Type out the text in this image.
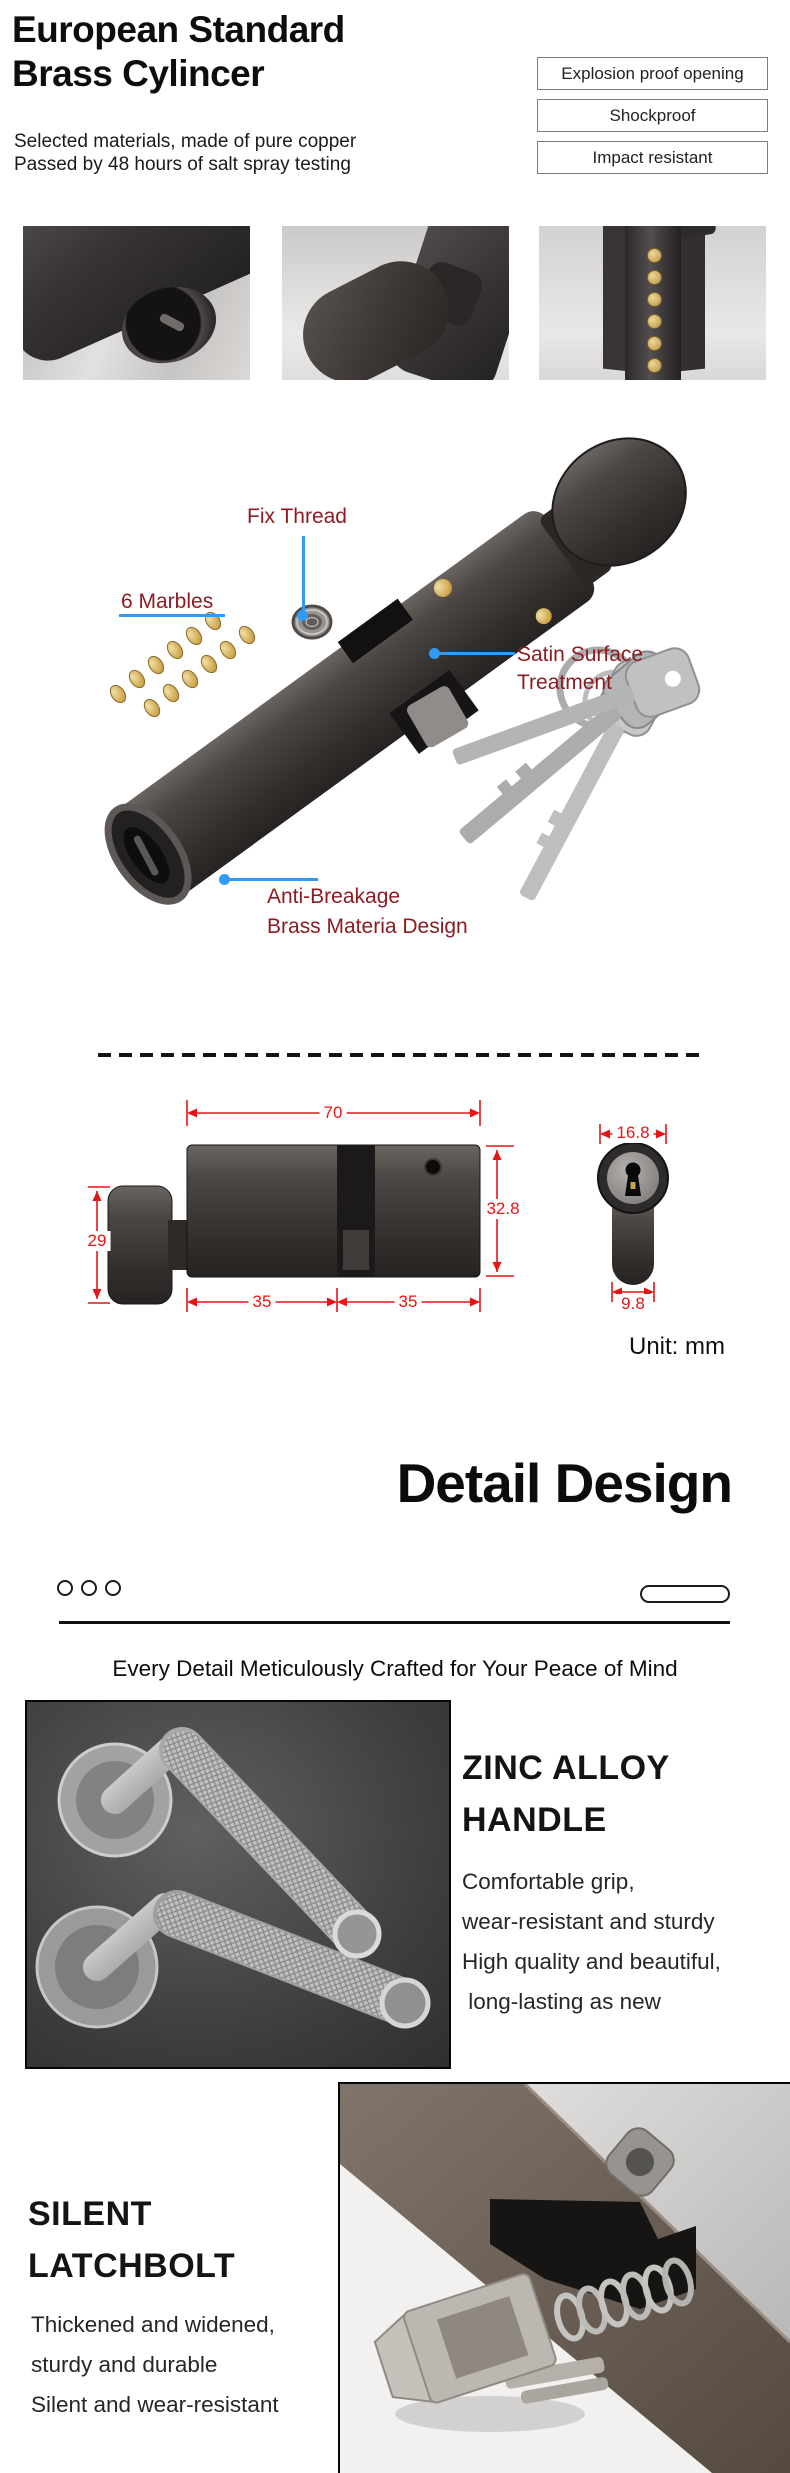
European Standard
Brass Cylincer
Selected materials, made of pure copper
Passed by 48 hours of salt spray testing
Explosion proof opening
Shockproof
Impact resistant
Fix Thread
6 Marbles
Satin Surface
Treatment
Anti-Breakage
Brass Materia Design
70
32.8
29
35	35
16.8
9.8
Unit: mm
Detail Design
Every Detail Meticulously Crafted for Your Peace of Mind
ZINC ALLOY
HANDLE
Comfortable grip,
wear-resistant and sturdy
High quality and beautiful,
long-lasting as new
SILENT
LATCHBOLT
Thickened and widened,
sturdy and durable
Silent and wear-resistant
